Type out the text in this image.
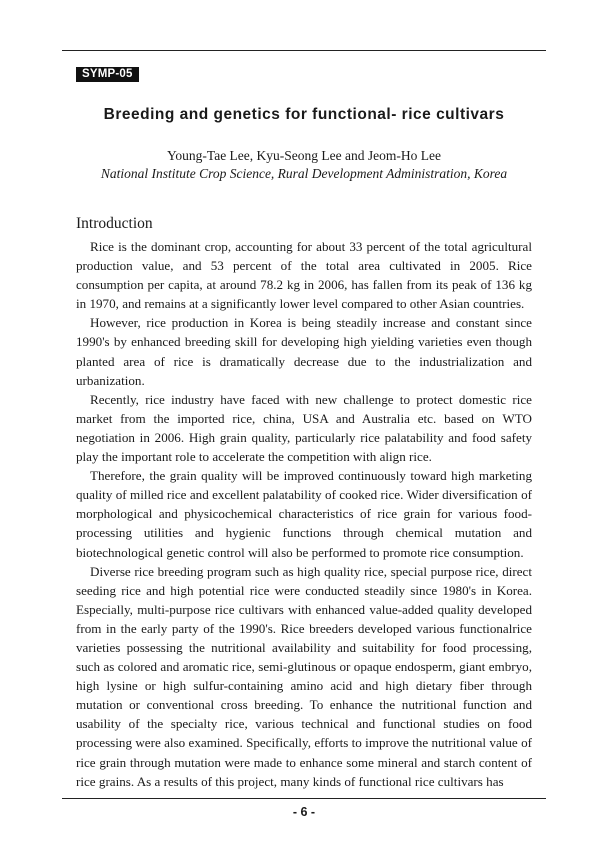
SYMP-05
Breeding and genetics for functional- rice cultivars
Young-Tae Lee, Kyu-Seong Lee and Jeom-Ho Lee
National Institute Crop Science, Rural Development Administration, Korea
Introduction

Rice is the dominant crop, accounting for about 33 percent of the total agricultural production value, and 53 percent of the total area cultivated in 2005. Rice consumption per capita, at around 78.2 kg in 2006, has fallen from its peak of 136 kg in 1970, and remains at a significantly lower level compared to other Asian countries.

However, rice production in Korea is being steadily increase and constant since 1990's by enhanced breeding skill for developing high yielding varieties even though planted area of rice is dramatically decrease due to the industrialization and urbanization.

Recently, rice industry have faced with new challenge to protect domestic rice market from the imported rice, china, USA and Australia etc. based on WTO negotiation in 2006. High grain quality, particularly rice palatability and food safety play the important role to accelerate the competition with align rice.

Therefore, the grain quality will be improved continuously toward high marketing quality of milled rice and excellent palatability of cooked rice. Wider diversification of morphological and physicochemical characteristics of rice grain for various food-processing utilities and hygienic functions through chemical mutation and biotechnological genetic control will also be performed to promote rice consumption.

Diverse rice breeding program such as high quality rice, special purpose rice, direct seeding rice and high potential rice were conducted steadily since 1980's in Korea. Especially, multi-purpose rice cultivars with enhanced value-added quality developed from in the early party of the 1990's. Rice breeders developed various functionalrice varieties possessing the nutritional availability and suitability for food processing, such as colored and aromatic rice, semi-glutinous or opaque endosperm, giant embryo, high lysine or high sulfur-containing amino acid and high dietary fiber through mutation or conventional cross breeding. To enhance the nutritional function and usability of the specialty rice, various technical and functional studies on food processing were also examined. Specifically, efforts to improve the nutritional value of rice grain through mutation were made to enhance some mineral and starch content of rice grains. As a results of this project, many kinds of functional rice cultivars has

- 6 -
